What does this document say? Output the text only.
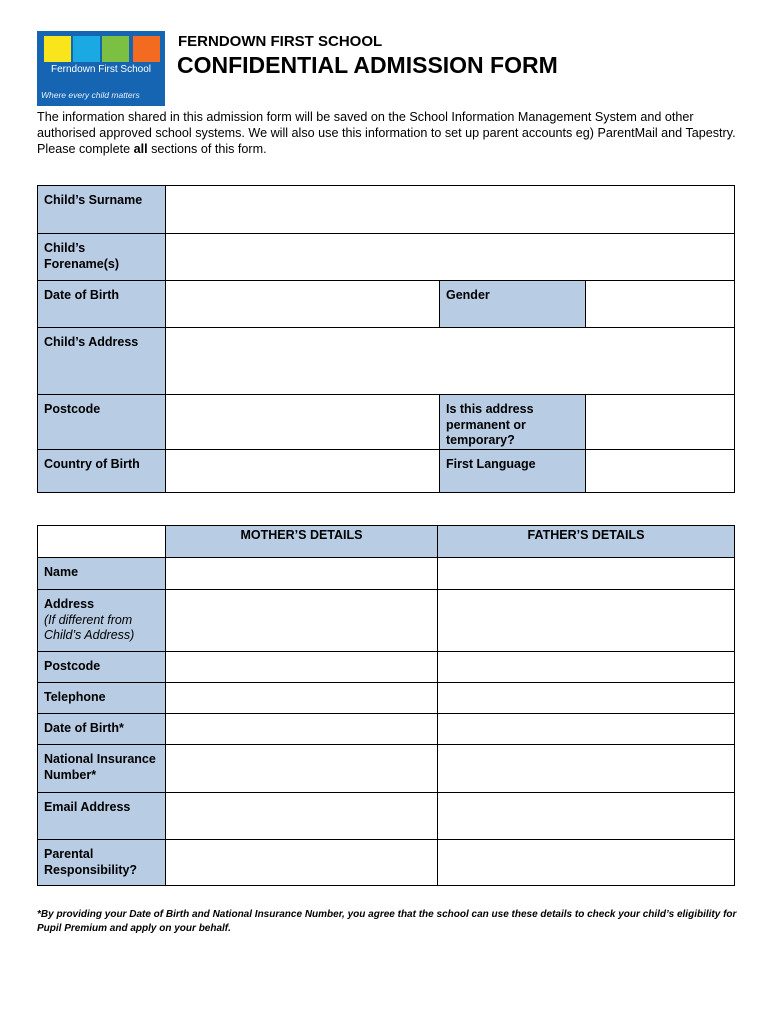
Ferndown First School
Where every child matters
FERNDOWN FIRST SCHOOL
CONFIDENTIAL ADMISSION FORM
The information shared in this admission form will be saved on the School Information Management System and other authorised approved school systems. We will also use this information to set up parent accounts eg) ParentMail and Tapestry. Please complete all sections of this form.
Child’s Surname			
Child’s Forename(s)			
Date of Birth		Gender	
Child’s Address			
Postcode		Is this address permanent or temporary?	
Country of Birth		First Language	
	MOTHER’S DETAILS	FATHER’S DETAILS
Name		
Address
(If different from Child’s Address)		
Postcode		
Telephone		
Date of Birth*		
National Insurance Number*		
Email Address		
Parental Responsibility?		
*By providing your Date of Birth and National Insurance Number, you agree that the school can use these details to check your child’s eligibility for Pupil Premium and apply on your behalf.
